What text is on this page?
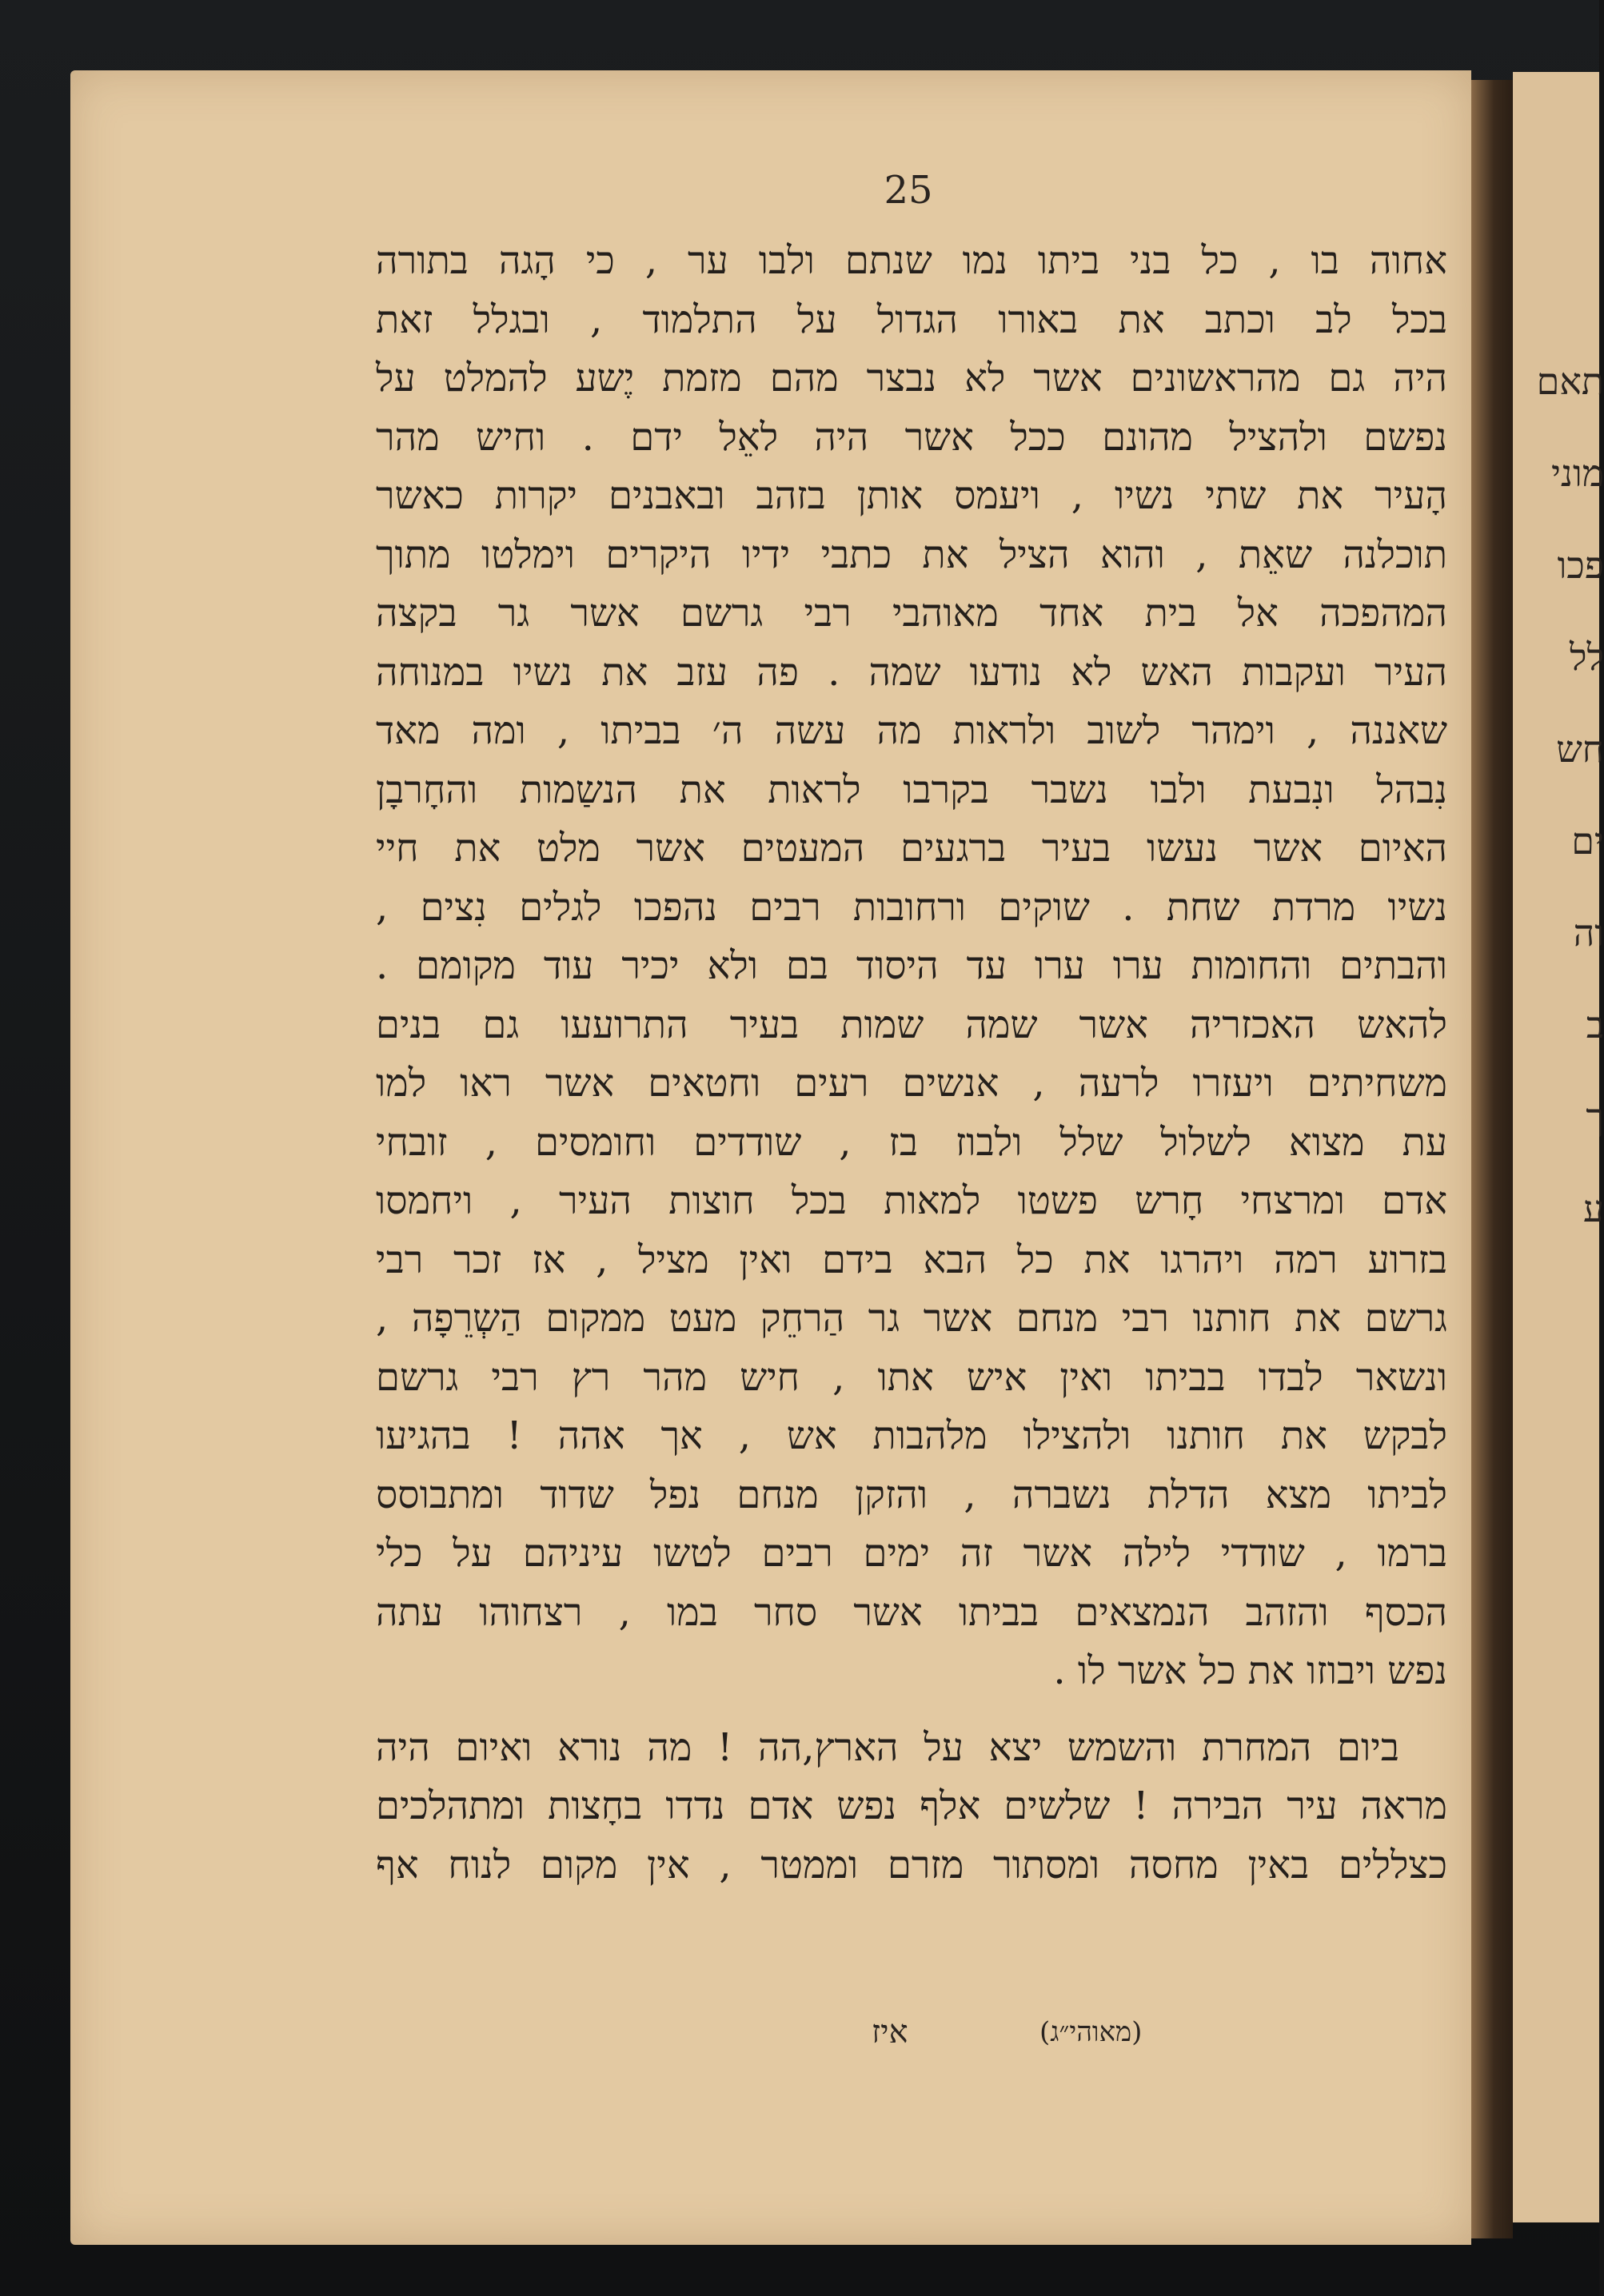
תאם
מוני
פכו
לל
חש
ים
וה
ב
ך
ע
25
אחוה בו , כל בני ביתו נמו שנתם ולבו ער , כי הָגה בתורה
בכל לב וכתב את באורו הגדול על התלמוד , ובגלל זאת
היה גם מהראשונים אשר לא נבצר מהם מזמת יֶשע להמלט על
נפשם ולהציל מהונם ככל אשר היה לאֵל ידם . וחיש מהר
הָעיר את שתי נשיו , ויעמס אותן בזהב ובאבנים יקרות כאשר
תוכלנה שאֵת , והוא הציל את כתבי ידיו היקרים וימלטו מתוך
המהפכה אל בית אחד מאוהבי רבי גרשם אשר גר בקצה
העיר ועקבות האש לא נודעו שמה . פה עזב את נשיו במנוחה
שאננה , וימהר לשוב ולראות מה עשה ה׳ בביתו , ומה מאד
נִבהל ונִבעת ולבו נשבר בקרבו לראות את הנשַמות והחָרבָן
האיום אשר נעשו בעיר ברגעים המעטים אשר מלט את חיי
נשיו מרדת שחת . שוקים ורחובות רבים נהפכו לגלים נִצים ,
והבתים והחומות ערו ערו עד היסוד בם ולא יכיר עוד מקומם .
להאש האכזריה אשר שמה שמות בעיר התרועעו גם בנים
משחיתים ויעזרו לרעה , אנשים רעים וחטאים אשר ראו למו
עת מצוא לשלול שלל ולבוז בז , שודדים וחומסים , זובחי
אדם ומרצחי חָרש פשטו למאות בכל חוצות העיר , ויחמסו
בזרוע רמה ויהרגו את כל הבא בידם ואין מציל , אז זכר רבי
גרשם את חותנו רבי מנחם אשר גר הַרחֵק מעט ממקום הַשְרֵפָה ,
ונשאר לבדו בביתו ואין איש אתו , חיש מהר רץ רבי גרשם
לבקש את חותנו ולהצילו מלהבות אש , אך אהה ! בהגיעו
לביתו מצא הדלת נשברה , והזקן מנחם נפל שדוד ומתבוסס
ברמו , שודדי לילה אשר זה ימים רבים לטשו עיניהם על כלי
הכסף והזהב הנמצאים בביתו אשר סחר במו , רצחוהו עתה
נפש ויבוזו את כל אשר לו .
ביום המחרת והשמש יצא על הארץ,הה ! מה נורא ואיום היה
מראה עיר הבירה ! שלשים אלף נפש אדם נדדו בחָצות ומתהלכים
כצללים באין מחסה ומסתור מזרם וממטר , אין מקום לנוח אף
(מאוהי״ג)
איז
